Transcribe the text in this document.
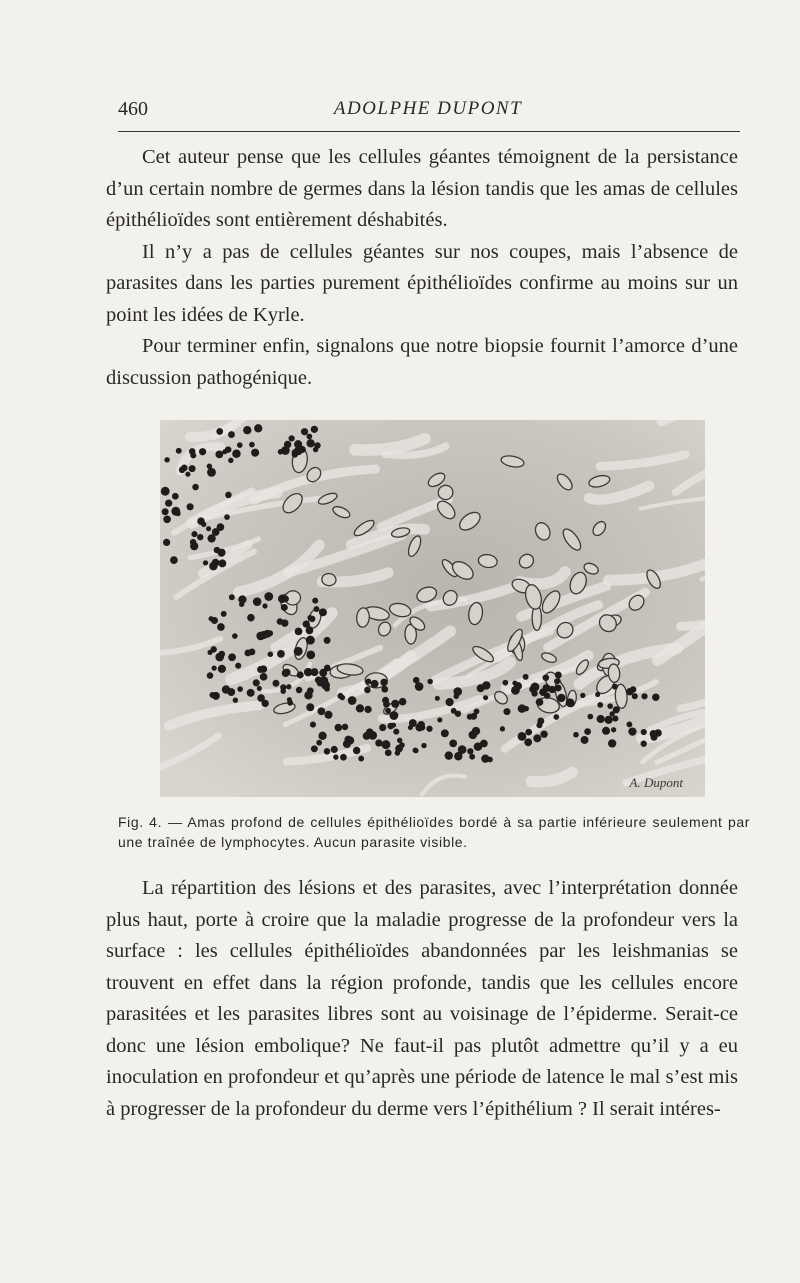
460	ADOLPHE DUPONT

Cet auteur pense que les cellules géantes témoignent de la persistance d’un certain nombre de germes dans la lésion tandis que les amas de cellules épithélioïdes sont entièrement déshabités.

Il n’y a pas de cellules géantes sur nos coupes, mais l’absence de parasites dans les parties purement épithélioïdes confirme au moins sur un point les idées de Kyrle.

Pour terminer enfin, signalons que notre biopsie fournit l’amorce d’une discussion pathogénique.

A. Dupont

Fig. 4. — Amas profond de cellules épithélioïdes bordé à sa partie inférieure seulement par une traînée de lymphocytes. Aucun parasite visible.

La répartition des lésions et des parasites, avec l’interprétation donnée plus haut, porte à croire que la maladie progresse de la profondeur vers la surface : les cellules épithélioïdes abandonnées par les leishmanias se trouvent en effet dans la région profonde, tandis que les cellules encore parasitées et les parasites libres sont au voisinage de l’épiderme. Serait-ce donc une lésion embolique? Ne faut-il pas plutôt admettre qu’il y a eu inoculation en profondeur et qu’après une période de latence le mal s’est mis à progresser de la profondeur du derme vers l’épithélium ? Il serait intéres-
